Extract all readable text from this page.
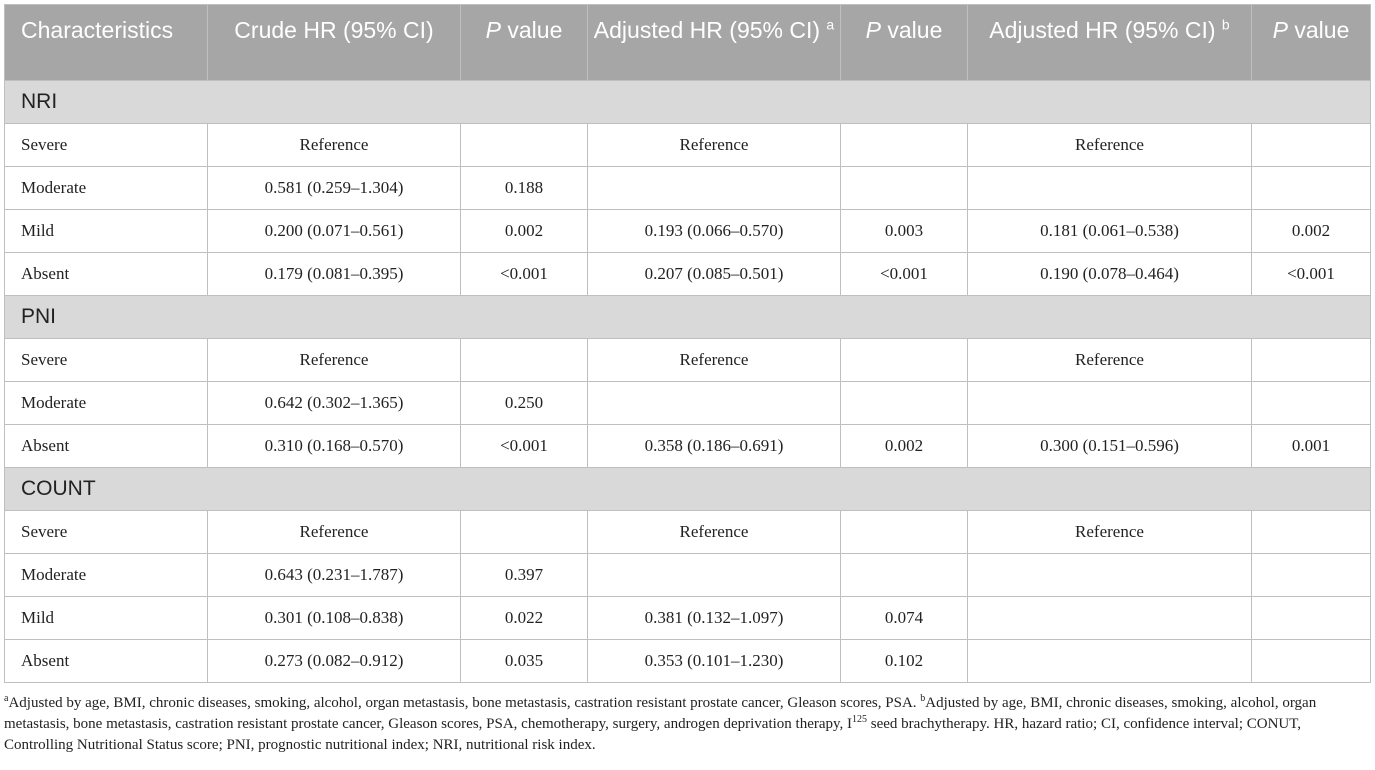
Characteristics	Crude HR (95% CI)	P value	Adjusted HR (95% CI) $^a$	P value	Adjusted HR (95% CI) $^b$	P value
NRI						
Severe	Reference		Reference		Reference	
Moderate	0.581 (0.259–1.304)	0.188				
Mild	0.200 (0.071–0.561)	0.002	0.193 (0.066–0.570)	0.003	0.181 (0.061–0.538)	0.002
Absent	0.179 (0.081–0.395)	<0.001	0.207 (0.085–0.501)	<0.001	0.190 (0.078–0.464)	<0.001
PNI						
Severe	Reference		Reference		Reference	
Moderate	0.642 (0.302–1.365)	0.250				
Absent	0.310 (0.168–0.570)	<0.001	0.358 (0.186–0.691)	0.002	0.300 (0.151–0.596)	0.001
COUNT						
Severe	Reference		Reference		Reference	
Moderate	0.643 (0.231–1.787)	0.397				
Mild	0.301 (0.108–0.838)	0.022	0.381 (0.132–1.097)	0.074		
Absent	0.273 (0.082–0.912)	0.035	0.353 (0.101–1.230)	0.102		
$^a$Adjusted by age, BMI, chronic diseases, smoking, alcohol, organ metastasis, bone metastasis, castration resistant prostate cancer, Gleason scores, PSA. $^b$Adjusted by age, BMI, chronic diseases, smoking, alcohol, organ metastasis, bone metastasis, castration resistant prostate cancer, Gleason scores, PSA, chemotherapy, surgery, androgen deprivation therapy, $I^{125}$ seed brachytherapy. HR, hazard ratio; CI, confidence interval; CONUT, Controlling Nutritional Status score; PNI, prognostic nutritional index; NRI, nutritional risk index.
